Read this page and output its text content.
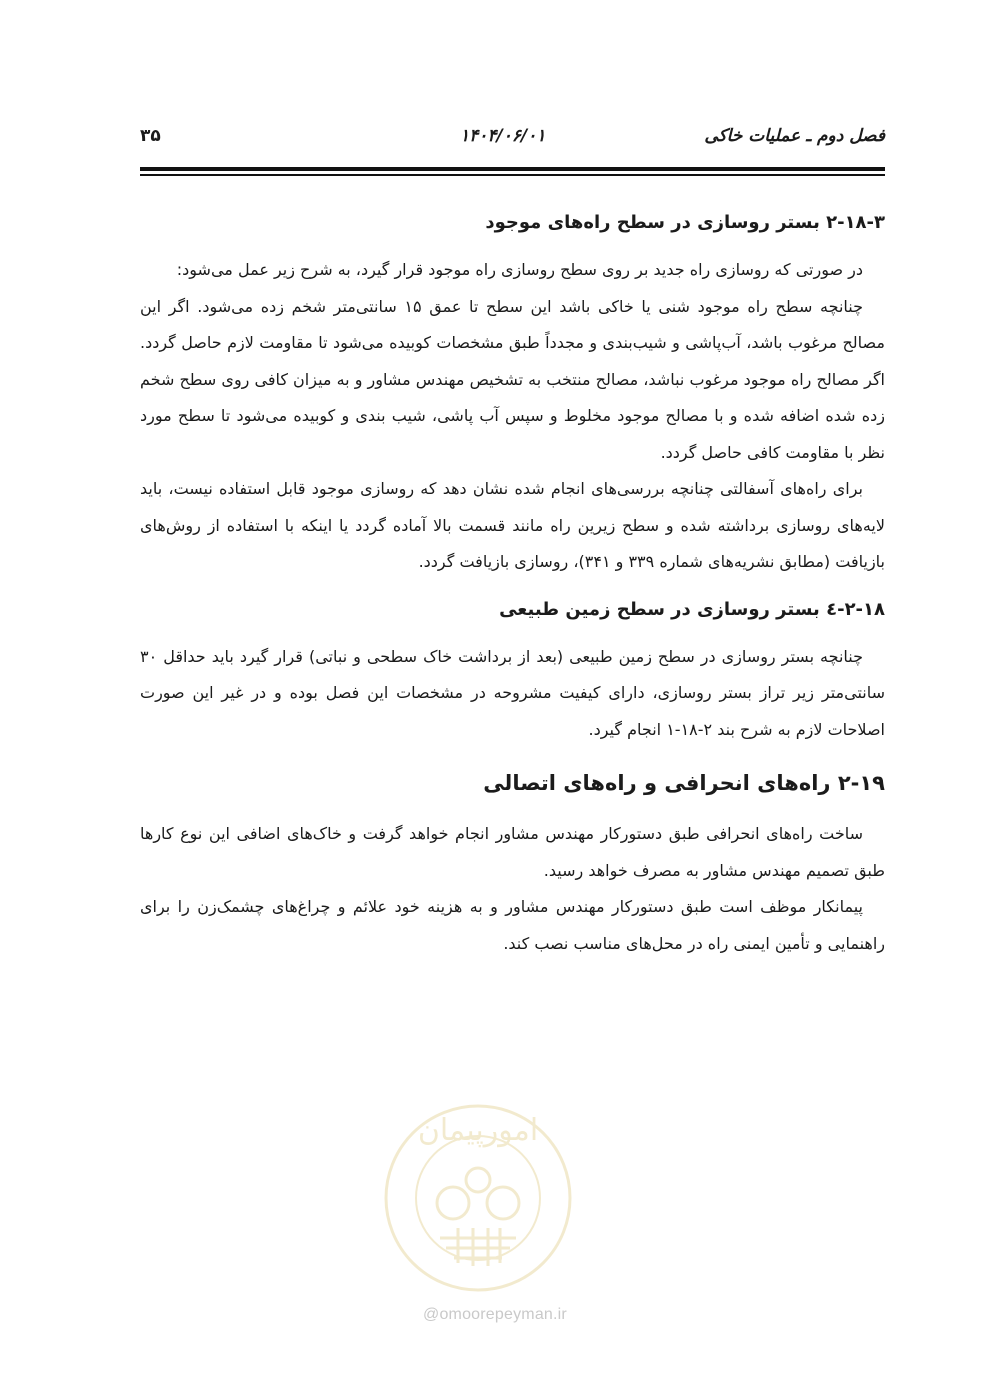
فصل دوم ـ عملیات خاکی
۱۴۰۴/۰۶/۰۱
۳۵
۲-۱۸-۳ بستر روسازی در سطح راه‌های موجود

در صورتی که روسازی راه جدید بر روی سطح روسازی راه موجود قرار گیرد، به شرح زیر عمل می‌شود:

چنانچه سطح راه موجود شنی یا خاکی باشد این سطح تا عمق ۱۵ سانتی‌متر شخم زده می‌شود. اگر این مصالح مرغوب باشد، آب‌پاشی و شیب‌بندی و مجدداً طبق مشخصات کوبیده می‌شود تا مقاومت لازم حاصل گردد. اگر مصالح راه موجود مرغوب نباشد، مصالح منتخب به تشخیص مهندس مشاور و به میزان کافی روی سطح شخم زده شده اضافه شده و با مصالح موجود مخلوط و سپس آب پاشی، شیب بندی و کوبیده می‌شود تا سطح مورد نظر با مقاومت کافی حاصل گردد.

برای راه‌های آسفالتی چنانچه بررسی‌های انجام شده نشان دهد که روسازی موجود قابل استفاده نیست، باید لایه‌های روسازی برداشته شده و سطح زیرین راه مانند قسمت بالا آماده گردد یا اینکه با استفاده از روش‌های بازیافت (مطابق نشریه‌های شماره ۳۳۹ و ۳۴۱)، روسازی بازیافت گردد.

۲-۱۸-٤ بستر روسازی در سطح زمین طبیعی

چنانچه بستر روسازی در سطح زمین طبیعی (بعد از برداشت خاک سطحی و نباتی) قرار گیرد باید حداقل ۳۰ سانتی‌متر زیر تراز بستر روسازی، دارای کیفیت مشروحه در مشخصات این فصل بوده و در غیر این صورت اصلاحات لازم به شرح بند ۲-۱۸-۱ انجام گیرد.

۲-۱۹ راه‌های انحرافی و راه‌های اتصالی

ساخت راه‌های انحرافی طبق دستورکار مهندس مشاور انجام خواهد گرفت و خاک‌های اضافی این نوع کارها طبق تصمیم مهندس مشاور به مصرف خواهد رسید.

پیمانکار موظف است طبق دستورکار مهندس مشاور و به هزینه خود علائم و چراغ‌های چشمک‌زن را برای راهنمایی و تأمین ایمنی راه در محل‌های مناسب نصب کند.

امورپیمان
@omoorepeyman.ir
